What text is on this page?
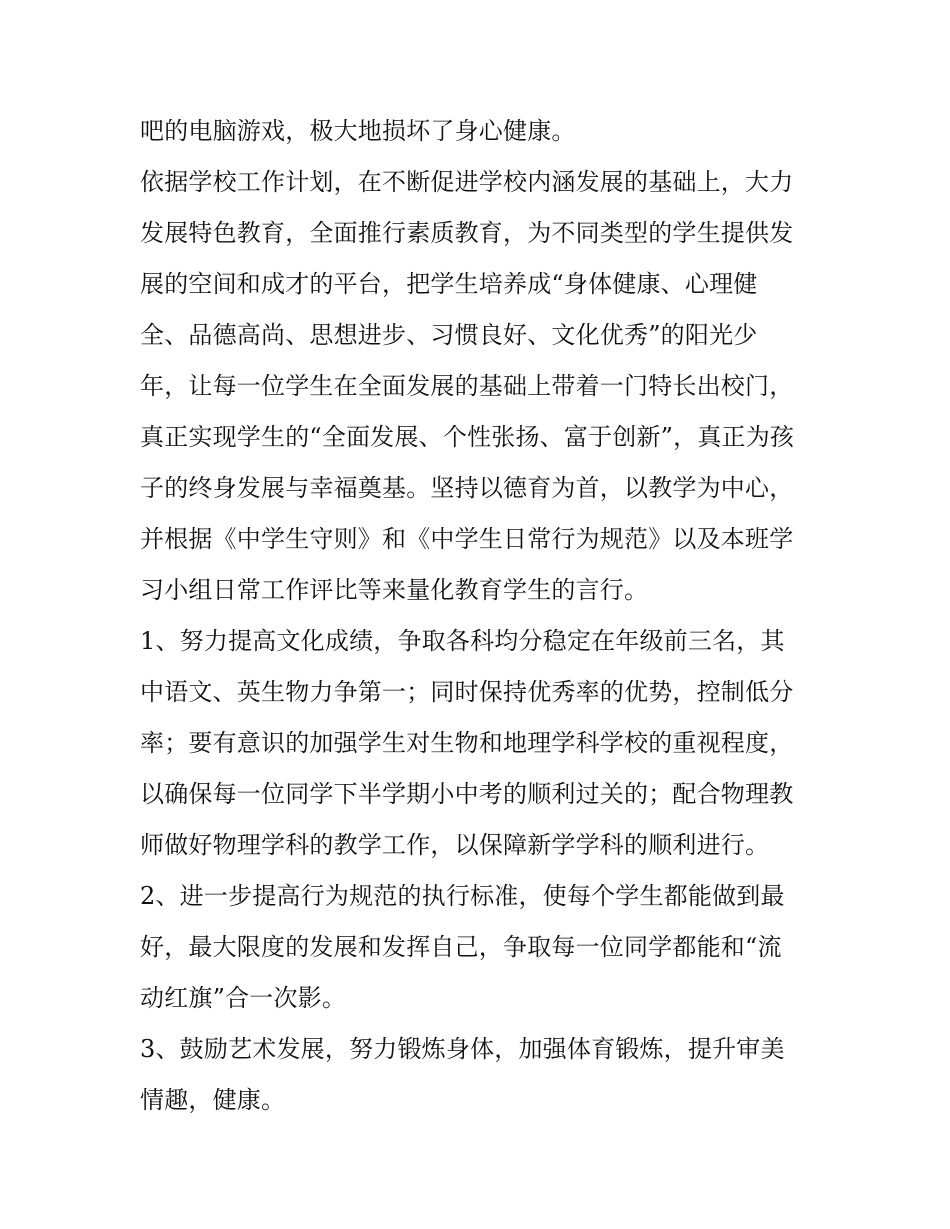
吧的电脑游戏，极大地损坏了身心健康。
依据学校工作计划，在不断促进学校内涵发展的基础上，大力
发展特色教育，全面推行素质教育，为不同类型的学生提供发
展的空间和成才的平台，把学生培养成“身体健康、心理健
全、品德高尚、思想进步、习惯良好、文化优秀”的阳光少
年，让每一位学生在全面发展的基础上带着一门特长出校门，
真正实现学生的“全面发展、个性张扬、富于创新”，真正为孩
子的终身发展与幸福奠基。坚持以德育为首，以教学为中心，
并根据《中学生守则》和《中学生日常行为规范》以及本班学
习小组日常工作评比等来量化教育学生的言行。
1、努力提高文化成绩，争取各科均分稳定在年级前三名，其
中语文、英生物力争第一；同时保持优秀率的优势，控制低分
率；要有意识的加强学生对生物和地理学科学校的重视程度，
以确保每一位同学下半学期小中考的顺利过关的；配合物理教
师做好物理学科的教学工作，以保障新学学科的顺利进行。
2、进一步提高行为规范的执行标准，使每个学生都能做到最
好，最大限度的发展和发挥自己，争取每一位同学都能和“流
动红旗”合一次影。
3、鼓励艺术发展，努力锻炼身体，加强体育锻炼，提升审美
情趣，健康。
